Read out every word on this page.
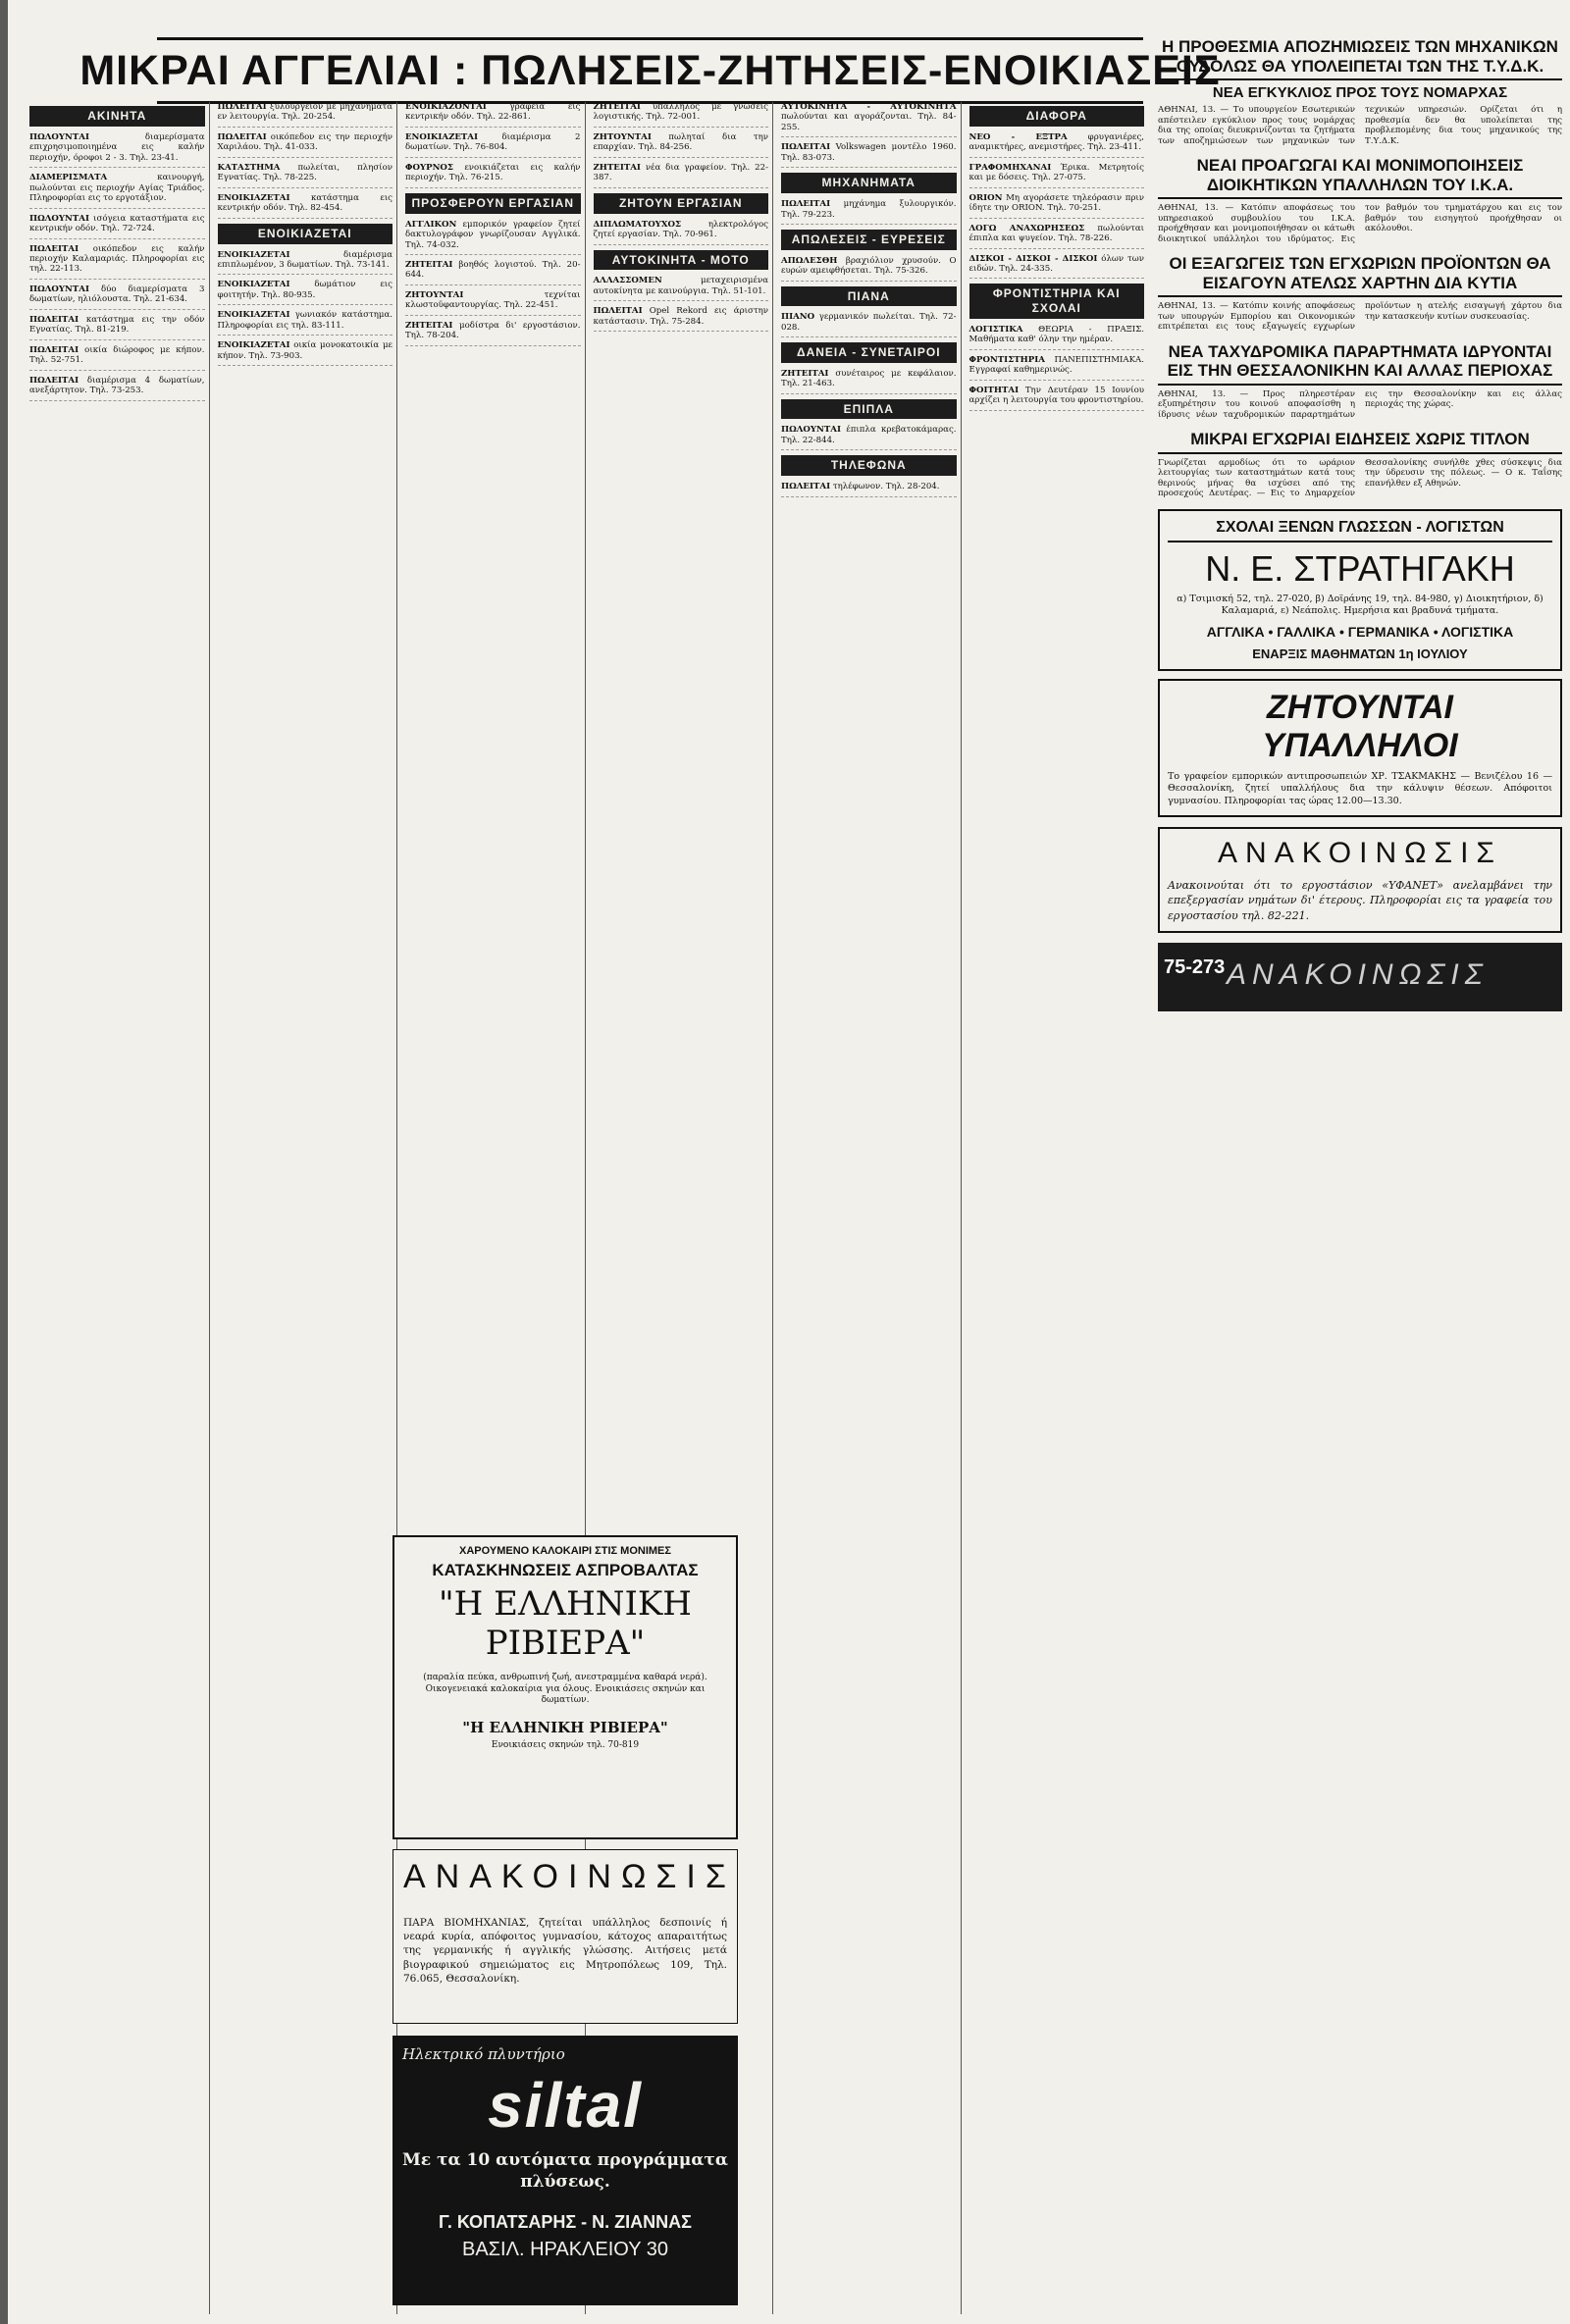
ΜΙΚΡΑΙ ΑΓΓΕΛΙΑΙ : ΠΩΛΗΣΕΙΣ-ΖΗΤΗΣΕΙΣ-ΕΝΟΙΚΙΑΣΕΙΣ
ΑΚΙΝΗΤΑ

ΠΩΛΟΥΝΤΑΙ	διαμερίσματα επιχρησιμοποιημένα εις καλήν περιοχήν, όροφοι 2 - 3. Τηλ. 23-41.

ΔΙΑΜΕΡΙΣΜΑΤΑ	καινουργή, πωλούνται εις περιοχήν Αγίας Τριάδος. Πληροφορίαι εις το εργοτάξιον.

ΠΩΛΟΥΝΤΑΙ ισόγεια καταστήματα εις κεντρικήν οδόν. Τηλ. 72-724.

ΠΩΛΕΙΤΑΙ οικόπεδον εις καλήν περιοχήν Καλαμαριάς. Πληροφορίαι εις τηλ. 22-113.

ΠΩΛΟΥΝΤΑΙ δύο διαμερίσματα 3 δωματίων, ηλιόλουστα. Τηλ. 21-634.

ΠΩΛΕΙΤΑΙ κατάστημα εις την οδόν Εγνατίας. Τηλ. 81-219.

ΠΩΛΕΙΤΑΙ οικία διώροφος με κήπον. Τηλ. 52-751.

ΠΩΛΕΙΤΑΙ διαμέρισμα 4 δωματίων, ανεξάρτητον. Τηλ. 73-253.

ΠΩΛΕΙΤΑΙ ξυλουργείον με μηχανήματα εν λειτουργία. Τηλ. 20-254.

ΠΩΛΕΙΤΑΙ οικόπεδον εις την περιοχήν Χαριλάου. Τηλ. 41-033.

ΚΑΤΑΣΤΗΜΑ πωλείται, πλησίον Εγνατίας. Τηλ. 78-225.

ΕΝΟΙΚΙΑΖΕΤΑΙ	κατάστημα εις κεντρικήν οδόν. Τηλ. 82-454.

ΕΝΟΙΚΙΑΖΕΤΑΙ

ΕΝΟΙΚΙΑΖΕΤΑΙ	διαμέρισμα επιπλωμένον, 3 δωματίων. Τηλ. 73-141.

ΕΝΟΙΚΙΑΖΕΤΑΙ	δωμάτιον εις φοιτητήν. Τηλ. 80-935.

ΕΝΟΙΚΙΑΖΕΤΑΙ γωνιακόν κατάστημα. Πληροφορίαι εις τηλ. 83-111.

ΕΝΟΙΚΙΑΖΕΤΑΙ οικία μονοκατοικία με κήπον. Τηλ. 73-903.

ΕΝΟΙΚΙΑΖΟΝΤΑΙ	γραφεία εις κεντρικήν οδόν. Τηλ. 22-861.

ΕΝΟΙΚΙΑΖΕΤΑΙ	διαμέρισμα 2 δωματίων. Τηλ. 76-804.

ΦΟΥΡΝΟΣ ενοικιάζεται εις καλήν περιοχήν. Τηλ. 76-215.

ΠΡΟΣΦΕΡΟΥΝ ΕΡΓΑΣΙΑΝ

ΑΓΓΛΙΚΟΝ εμπορικόν γραφείον ζητεί δακτυλογράφον γνωρίζουσαν Αγγλικά. Τηλ. 74-032.

ΖΗΤΕΙΤΑΙ βοηθός λογιστού. Τηλ. 20-644.

ΖΗΤΟΥΝΤΑΙ	τεχνίται κλωστοϋφαντουργίας. Τηλ. 22-451.

ΖΗΤΕΙΤΑΙ μοδίστρα δι' εργοστάσιον. Τηλ. 78-204.

ΖΗΤΕΙΤΑΙ υπάλληλος με γνώσεις λογιστικής. Τηλ. 72-001.

ΖΗΤΟΥΝΤΑΙ πωληταί δια την επαρχίαν. Τηλ. 84-256.

ΖΗΤΕΙΤΑΙ νέα δια γραφείον. Τηλ. 22-387.

ΖΗΤΟΥΝ ΕΡΓΑΣΙΑΝ

ΔΙΠΛΩΜΑΤΟΥΧΟΣ	ηλεκτρολόγος ζητεί εργασίαν. Τηλ. 70-961.

ΑΥΤΟΚΙΝΗΤΑ - ΜΟΤΟ

ΑΛΛΑΣΣΟΜΕΝ	μεταχειρισμένα αυτοκίνητα με καινούργια. Τηλ. 51-101.

ΠΩΛΕΙΤΑΙ Opel Rekord εις άριστην κατάστασιν. Τηλ. 75-284.

ΑΥΤΟΚΙΝΗΤΑ - ΑΥΤΟΚΙΝΗΤΑ πωλούνται και αγοράζονται. Τηλ. 84-255.

ΠΩΛΕΙΤΑΙ Volkswagen μοντέλο 1960. Τηλ. 83-073.

ΜΗΧΑΝΗΜΑΤΑ

ΠΩΛΕΙΤΑΙ μηχάνημα ξυλουργικόν. Τηλ. 79-223.

ΑΠΩΛΕΣΕΙΣ - ΕΥΡΕΣΕΙΣ

ΑΠΩΛΕΣΘΗ βραχιόλιον χρυσούν. Ο ευρών αμειφθήσεται. Τηλ. 75-326.

ΠΙΑΝΑ

ΠΙΑΝΟ γερμανικόν πωλείται. Τηλ. 72-028.

ΔΑΝΕΙΑ - ΣΥΝΕΤΑΙΡΟΙ

ΖΗΤΕΙΤΑΙ συνέταιρος με κεφάλαιον. Τηλ. 21-463.

ΕΠΙΠΛΑ

ΠΩΛΟΥΝΤΑΙ έπιπλα κρεβατοκάμαρας. Τηλ. 22-844.

ΤΗΛΕΦΩΝΑ

ΠΩΛΕΙΤΑΙ τηλέφωνον. Τηλ. 28-204.

ΔΙΑΦΟΡΑ

ΝΕΟ - ΕΞΤΡΑ φρυγανιέρες, αναμικτήρες, ανεμιστήρες. Τηλ. 23-411.

ΓΡΑΦΟΜΗΧΑΝΑΙ Έρικα. Μετρητοίς και με δόσεις. Τηλ. 27-075.

ORION Μη αγοράσετε τηλεόρασιν πριν ίδητε την ORION. Τηλ. 70-251.

ΛΟΓΩ ΑΝΑΧΩΡΗΣΕΩΣ πωλούνται έπιπλα και ψυγείον. Τηλ. 78-226.

ΔΙΣΚΟΙ - ΔΙΣΚΟΙ - ΔΙΣΚΟΙ όλων των ειδών. Τηλ. 24-335.

ΦΡΟΝΤΙΣΤΗΡΙΑ ΚΑΙ ΣΧΟΛΑΙ

ΛΟΓΙΣΤΙΚΑ ΘΕΩΡΙΑ - ΠΡΑΞΙΣ. Μαθήματα καθ' όλην την ημέραν.

ΦΡΟΝΤΙΣΤΗΡΙΑ ΠΑΝΕΠΙΣΤΗΜΙΑΚΑ. Εγγραφαί καθημερινώς.

ΦΟΙΤΗΤΑΙ Την Δευτέραν 15 Ιουνίου αρχίζει η λειτουργία του φροντιστηρίου.

ΧΑΡΟΥΜΕΝΟ ΚΑΛΟΚΑΙΡΙ ΣΤΙΣ ΜΟΝΙΜΕΣ
ΚΑΤΑΣΚΗΝΩΣΕΙΣ ΑΣΠΡΟΒΑΛΤΑΣ
"Η ΕΛΛΗΝΙΚΗ ΡΙΒΙΕΡΑ"
(παραλία πεύκα, ανθρωπινή ζωή, ανεστραμμένα καθαρά νερά). Οικογενειακά καλοκαίρια για όλους. Ενοικιάσεις σκηνών και δωματίων.
"Η ΕΛΛΗΝΙΚΗ ΡΙΒΙΕΡΑ"
Ενοικιάσεις σκηνών τηλ. 70-819
ΑΝΑΚΟΙΝΩΣΙΣ
ΠΑΡΑ ΒΙΟΜΗΧΑΝΙΑΣ, ζητείται υπάλληλος δεσποινίς ή νεαρά κυρία, απόφοιτος γυμνασίου, κάτοχος απαραιτήτως της γερμανικής ή αγγλικής γλώσσης. Αιτήσεις μετά βιογραφικού σημειώματος εις Μητροπόλεως 109, Τηλ. 76.065, Θεσσαλονίκη.
Ηλεκτρικό πλυντήριο
siltal
Με τα 10 αυτόματα προγράμματα πλύσεως.
Γ. ΚΟΠΑΤΣΑΡΗΣ - Ν. ΖΙΑΝΝΑΣ
ΒΑΣΙΛ. ΗΡΑΚΛΕΙΟΥ 30
Η ΠΡΟΘΕΣΜΙΑ ΑΠΟΖΗΜΙΩΣΕΙΣ ΤΩΝ ΜΗΧΑΝΙΚΩΝ ΟΥΔΟΛΩΣ ΘΑ ΥΠΟΛΕΙΠΕΤΑΙ ΤΩΝ ΤΗΣ Τ.Υ.Δ.Κ.
ΝΕΑ ΕΓΚΥΚΛΙΟΣ ΠΡΟΣ ΤΟΥΣ ΝΟΜΑΡΧΑΣ
ΑΘΗΝΑΙ, 13. — Το υπουργείον Εσωτερικών απέστειλεν εγκύκλιον προς τους νομάρχας δια της οποίας διευκρινίζονται τα ζητήματα των αποζημιώσεων των μηχανικών των τεχνικών υπηρεσιών. Ορίζεται ότι η προθεσμία δεν θα υπολείπεται της προβλεπομένης δια τους μηχανικούς της Τ.Υ.Δ.Κ.
ΝΕΑΙ ΠΡΟΑΓΩΓΑΙ ΚΑΙ ΜΟΝΙΜΟΠΟΙΗΣΕΙΣ ΔΙΟΙΚΗΤΙΚΩΝ ΥΠΑΛΛΗΛΩΝ ΤΟΥ Ι.Κ.Α.
ΑΘΗΝΑΙ, 13. — Κατόπιν αποφάσεως του υπηρεσιακού συμβουλίου του Ι.Κ.Α. προήχθησαν και μονιμοποιήθησαν οι κάτωθι διοικητικοί υπάλληλοι του ιδρύματος. Εις τον βαθμόν του τμηματάρχου και εις τον βαθμόν του εισηγητού προήχθησαν οι ακόλουθοι.
ΟΙ ΕΞΑΓΩΓΕΙΣ ΤΩΝ ΕΓΧΩΡΙΩΝ ΠΡΟΪΟΝΤΩΝ ΘΑ ΕΙΣΑΓΟΥΝ ΑΤΕΛΩΣ ΧΑΡΤΗΝ ΔΙΑ ΚΥΤΙΑ
ΑΘΗΝΑΙ, 13. — Κατόπιν κοινής αποφάσεως των υπουργών Εμπορίου και Οικονομικών επιτρέπεται εις τους εξαγωγείς εγχωρίων προϊόντων η ατελής εισαγωγή χάρτου δια την κατασκευήν κυτίων συσκευασίας.
ΝΕΑ ΤΑΧΥΔΡΟΜΙΚΑ ΠΑΡΑΡΤΗΜΑΤΑ ΙΔΡΥΟΝΤΑΙ ΕΙΣ ΤΗΝ ΘΕΣΣΑΛΟΝΙΚΗΝ ΚΑΙ ΑΛΛΑΣ ΠΕΡΙΟΧΑΣ
ΑΘΗΝΑΙ, 13. — Προς πληρεστέραν εξυπηρέτησιν του κοινού αποφασίσθη η ίδρυσις νέων ταχυδρομικών παραρτημάτων εις την Θεσσαλονίκην και εις άλλας περιοχάς της χώρας.
ΜΙΚΡΑΙ ΕΓΧΩΡΙΑΙ ΕΙΔΗΣΕΙΣ ΧΩΡΙΣ ΤΙΤΛΟΝ
Γνωρίζεται αρμοδίως ότι το ωράριον λειτουργίας των καταστημάτων κατά τους θερινούς μήνας θα ισχύσει από της προσεχούς Δευτέρας. — Εις το Δημαρχείον Θεσσαλονίκης συνήλθε χθες σύσκεψις δια την ύδρευσιν της πόλεως. — Ο κ. Ταΐσης επανήλθεν εξ Αθηνών.
ΣΧΟΛΑΙ ΞΕΝΩΝ ΓΛΩΣΣΩΝ - ΛΟΓΙΣΤΩΝ
Ν. Ε. ΣΤΡΑΤΗΓΑΚΗ
α) Τσιμισκή 52, τηλ. 27-020, β) Δοϊράνης 19, τηλ. 84-980, γ) Διοικητήριον, δ) Καλαμαριά, ε) Νεάπολις. Ημερήσια και βραδυνά τμήματα.
ΑΓΓΛΙΚΑ • ΓΑΛΛΙΚΑ • ΓΕΡΜΑΝΙΚΑ • ΛΟΓΙΣΤΙΚΑ
ΕΝΑΡΞΙΣ ΜΑΘΗΜΑΤΩΝ 1η ΙΟΥΛΙΟΥ
ΖΗΤΟΥΝΤΑΙ ΥΠΑΛΛΗΛΟΙ
Το γραφείον εμπορικών αντιπροσωπειών ΧΡ. ΤΣΑΚΜΑΚΗΣ — Βενιζέλου 16 — Θεσσαλονίκη, ζητεί υπαλλήλους δια την κάλυψιν θέσεων. Απόφοιτοι γυμνασίου. Πληροφορίαι τας ώρας 12.00—13.30.
ΑΝΑΚΟΙΝΩΣΙΣ
Ανακοινούται ότι το εργοστάσιον «ΥΦΑΝΕΤ» ανελαμβάνει την επεξεργασίαν νημάτων δι' έτερους. Πληροφορίαι εις τα γραφεία του εργοστασίου τηλ. 82-221.
75-273 ΑΝΑΚΟΙΝΩΣΙΣ
